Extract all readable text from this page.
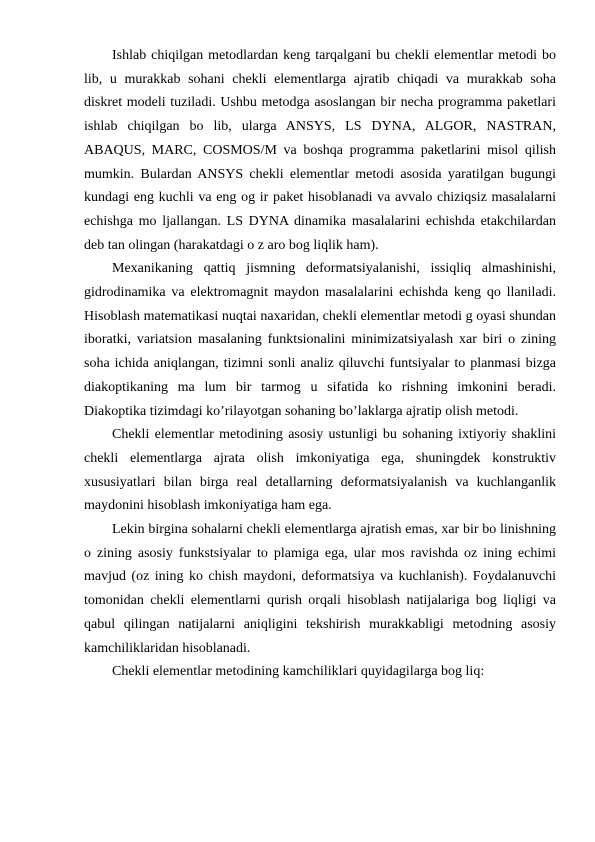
Ishlab chiqilgan metodlardan keng tarqalgani bu chekli elementlar metodi bo lib, u murakkab sohani chekli elementlarga ajratib chiqadi va murakkab soha diskret modeli tuziladi. Ushbu metodga asoslangan bir necha programma paketlari ishlab chiqilgan bo lib, ularga ANSYS, LS DYNA, ALGOR, NASTRAN, ABAQUS, MARC, COSMOS/M va boshqa programma paketlarini misol qilish mumkin. Bulardan ANSYS chekli elementlar metodi asosida yaratilgan bugungi kundagi eng kuchli va eng og ir paket hisoblanadi va avvalo chiziqsiz masalalarni echishga mo ljallangan. LS DYNA dinamika masalalarini echishda etakchilardan deb tan olingan (harakatdagi o z aro bog liqlik ham).

Mexanikaning qattiq jismning deformatsiyalanishi, issiqliq almashinishi, gidrodinamika va elektromagnit maydon masalalarini echishda keng qo llaniladi. Hisoblash matematikasi nuqtai naxaridan, chekli elementlar metodi g oyasi shundan iboratki, variatsion masalaning funktsionalini minimizatsiyalash xar biri o zining soha ichida aniqlangan, tizimni sonli analiz qiluvchi funtsiyalar to planmasi bizga diakoptikaning ma lum bir tarmog u sifatida ko rishning imkonini beradi. Diakoptika tizimdagi ko’rilayotgan sohaning bo’laklarga ajratip olish metodi.

Chekli elementlar metodining asosiy ustunligi bu sohaning ixtiyoriy shaklini chekli elementlarga ajrata olish imkoniyatiga ega, shuningdek konstruktiv xususiyatlari bilan birga real detallarning deformatsiyalanish va kuchlanganlik maydonini hisoblash imkoniyatiga ham ega.

Lekin birgina sohalarni chekli elementlarga ajratish emas, xar bir bo linishning o zining asosiy funkstsiyalar to plamiga ega, ular mos ravishda oz ining echimi mavjud (oz ining ko chish maydoni, deformatsiya va kuchlanish). Foydalanuvchi tomonidan chekli elementlarni qurish orqali hisoblash natijalariga bog liqligi va qabul qilingan natijalarni aniqligini tekshirish murakkabligi metodning asosiy kamchiliklaridan hisoblanadi.

Chekli elementlar metodining kamchiliklari quyidagilarga bog liq:
